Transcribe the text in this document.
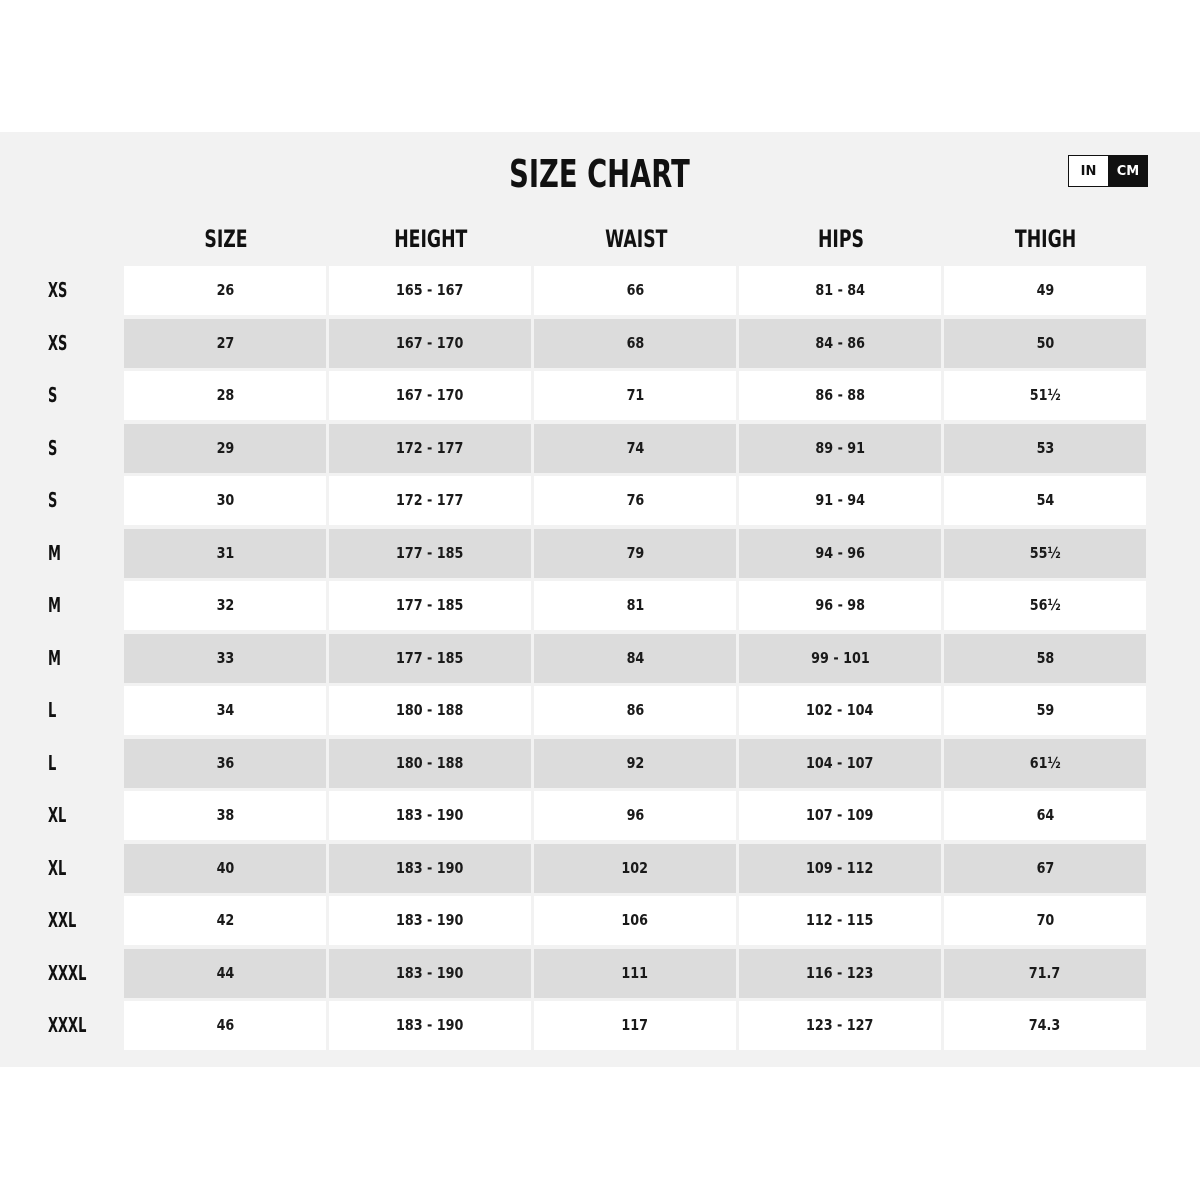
SIZE CHART	IN	CM
SIZE	HEIGHT	WAIST	HIPS	THIGH
XS	26	165 - 167	66	81 - 84	49
XS	27	167 - 170	68	84 - 86	50
S	28	167 - 170	71	86 - 88	51½
S	29	172 - 177	74	89 - 91	53
S	30	172 - 177	76	91 - 94	54
M	31	177 - 185	79	94 - 96	55½
M	32	177 - 185	81	96 - 98	56½
M	33	177 - 185	84	99 - 101	58
L	34	180 - 188	86	102 - 104	59
L	36	180 - 188	92	104 - 107	61½
XL	38	183 - 190	96	107 - 109	64
XL	40	183 - 190	102	109 - 112	67
XXL	42	183 - 190	106	112 - 115	70
XXXL	44	183 - 190	111	116 - 123	71.7
XXXL	46	183 - 190	117	123 - 127	74.3
